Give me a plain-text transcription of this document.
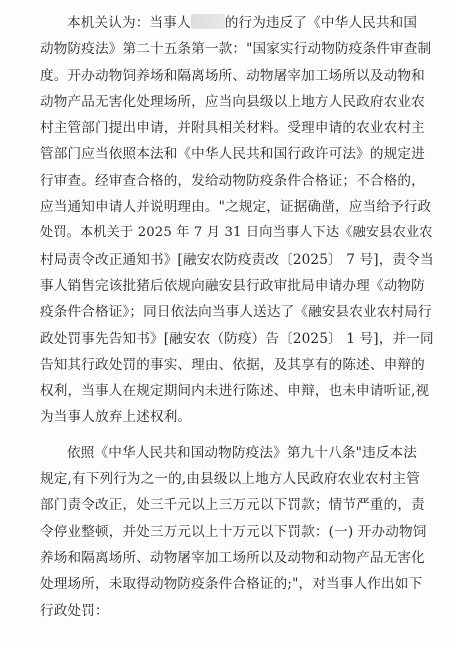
本机关认为：当事人	的行为违反了《中华人民共和国
动物防疫法》第二十五条第一款："国家实行动物防疫条件审查制
度。开办动物饲养场和隔离场所、动物屠宰加工场所以及动物和
动物产品无害化处理场所，应当向县级以上地方人民政府农业农
村主管部门提出申请，并附具相关材料。受理申请的农业农村主
管部门应当依照本法和《中华人民共和国行政许可法》的规定进
行审查。经审查合格的，发给动物防疫条件合格证；不合格的，
应当通知申请人并说明理由。"之规定，证据确凿，应当给予行政
处罚。本机关于 2025 年 7 月 31 日向当事人下达《融安县农业农
村局责令改正通知书》[融安农防疫责改〔2025〕 7 号]，责令当
事人销售完该批猪后依规向融安县行政审批局申请办理《动物防
疫条件合格证》；同日依法向当事人送达了《融安县农业农村局行
政处罚事先告知书》[融安农（防疫）告〔2025〕 1 号]，并一同
告知其行政处罚的事实、理由、依据，及其享有的陈述、申辩的
权利，当事人在规定期间内未进行陈述、申辩，也未申请听证,视
为当事人放弃上述权利。

依照《中华人民共和国动物防疫法》第九十八条"违反本法
规定,有下列行为之一的,由县级以上地方人民政府农业农村主管
部门责令改正，处三千元以上三万元以下罚款；情节严重的，责
令停业整顿，并处三万元以上十万元以下罚款：(一) 开办动物饲
养场和隔离场所、动物屠宰加工场所以及动物和动物产品无害化
处理场所，未取得动物防疫条件合格证的;"，对当事人作出如下
行政处罚：
